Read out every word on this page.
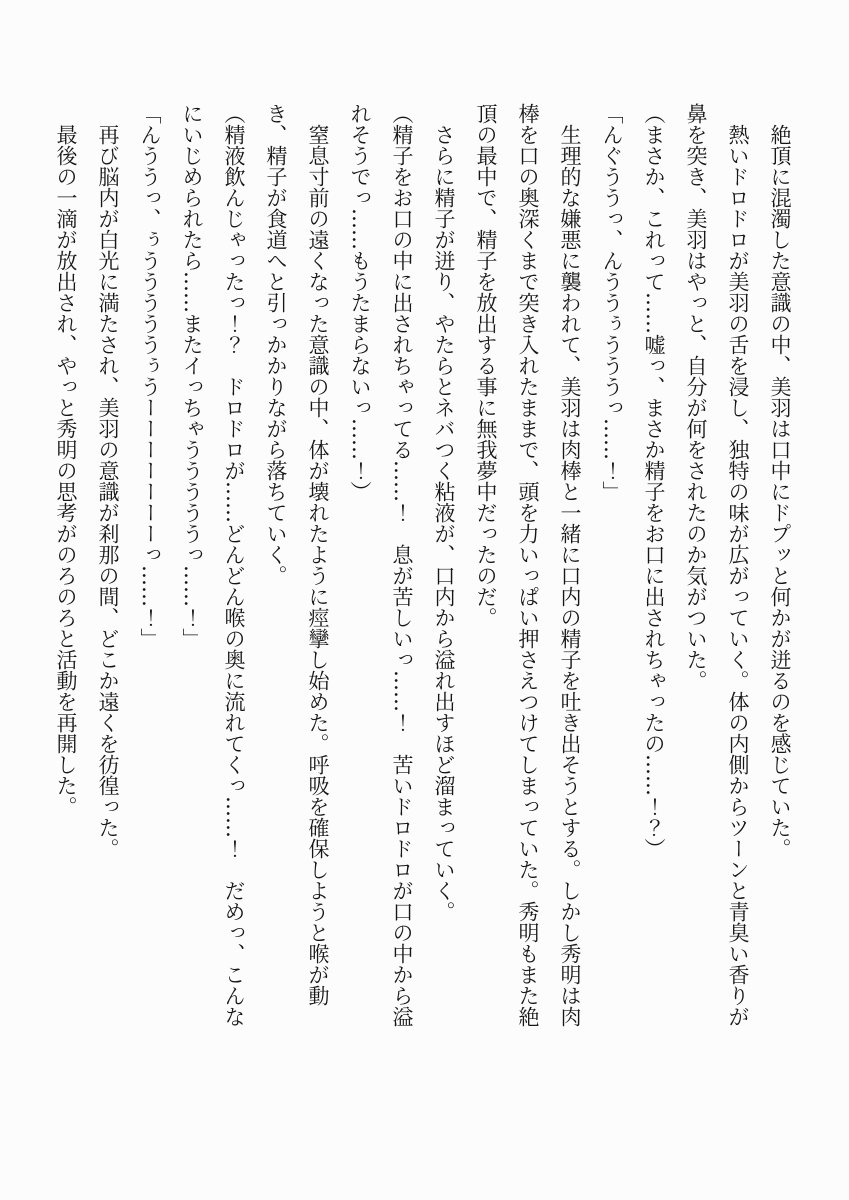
絶頂に混濁した意識の中、美羽は口中にドプッと何かが迸るのを感じていた。

熱いドロドロが美羽の舌を浸し、独特の味が広がっていく。体の内側からツーンと青臭い香りが鼻を突き、美羽はやっと、自分が何をされたのか気がついた。

（まさか、これって……嘘っ、まさか精子をお口に出されちゃったの……！？）

「んぐううっ、んううぅうううっ……！」

生理的な嫌悪に襲われて、美羽は肉棒と一緒に口内の精子を吐き出そうとする。しかし秀明は肉棒を口の奥深くまで突き入れたままで、頭を力いっぱい押さえつけてしまっていた。秀明もまた絶頂の最中で、精子を放出する事に無我夢中だったのだ。

さらに精子が迸り、やたらとネバつく粘液が、口内から溢れ出すほど溜まっていく。

（精子をお口の中に出されちゃってる……！　息が苦しいっ……！　苦いドロドロが口の中から溢れそうでっ……もうたまらないっ……！）

窒息寸前の遠くなった意識の中、体が壊れたように痙攣し始めた。呼吸を確保しようと喉が動き、精子が食道へと引っかかりながら落ちていく。

（精液飲んじゃったっ！？　ドロドロが……どんどん喉の奥に流れてくっ……！　だめっ、こんなにいじめられたら……またイっちゃうううううっ……！」

「んううっ、ぅうううううぅうーーーーーーーっ……！」

再び脳内が白光に満たされ、美羽の意識が刹那の間、どこか遠くを彷徨った。

最後の一滴が放出され、やっと秀明の思考がのろのろと活動を再開した。
